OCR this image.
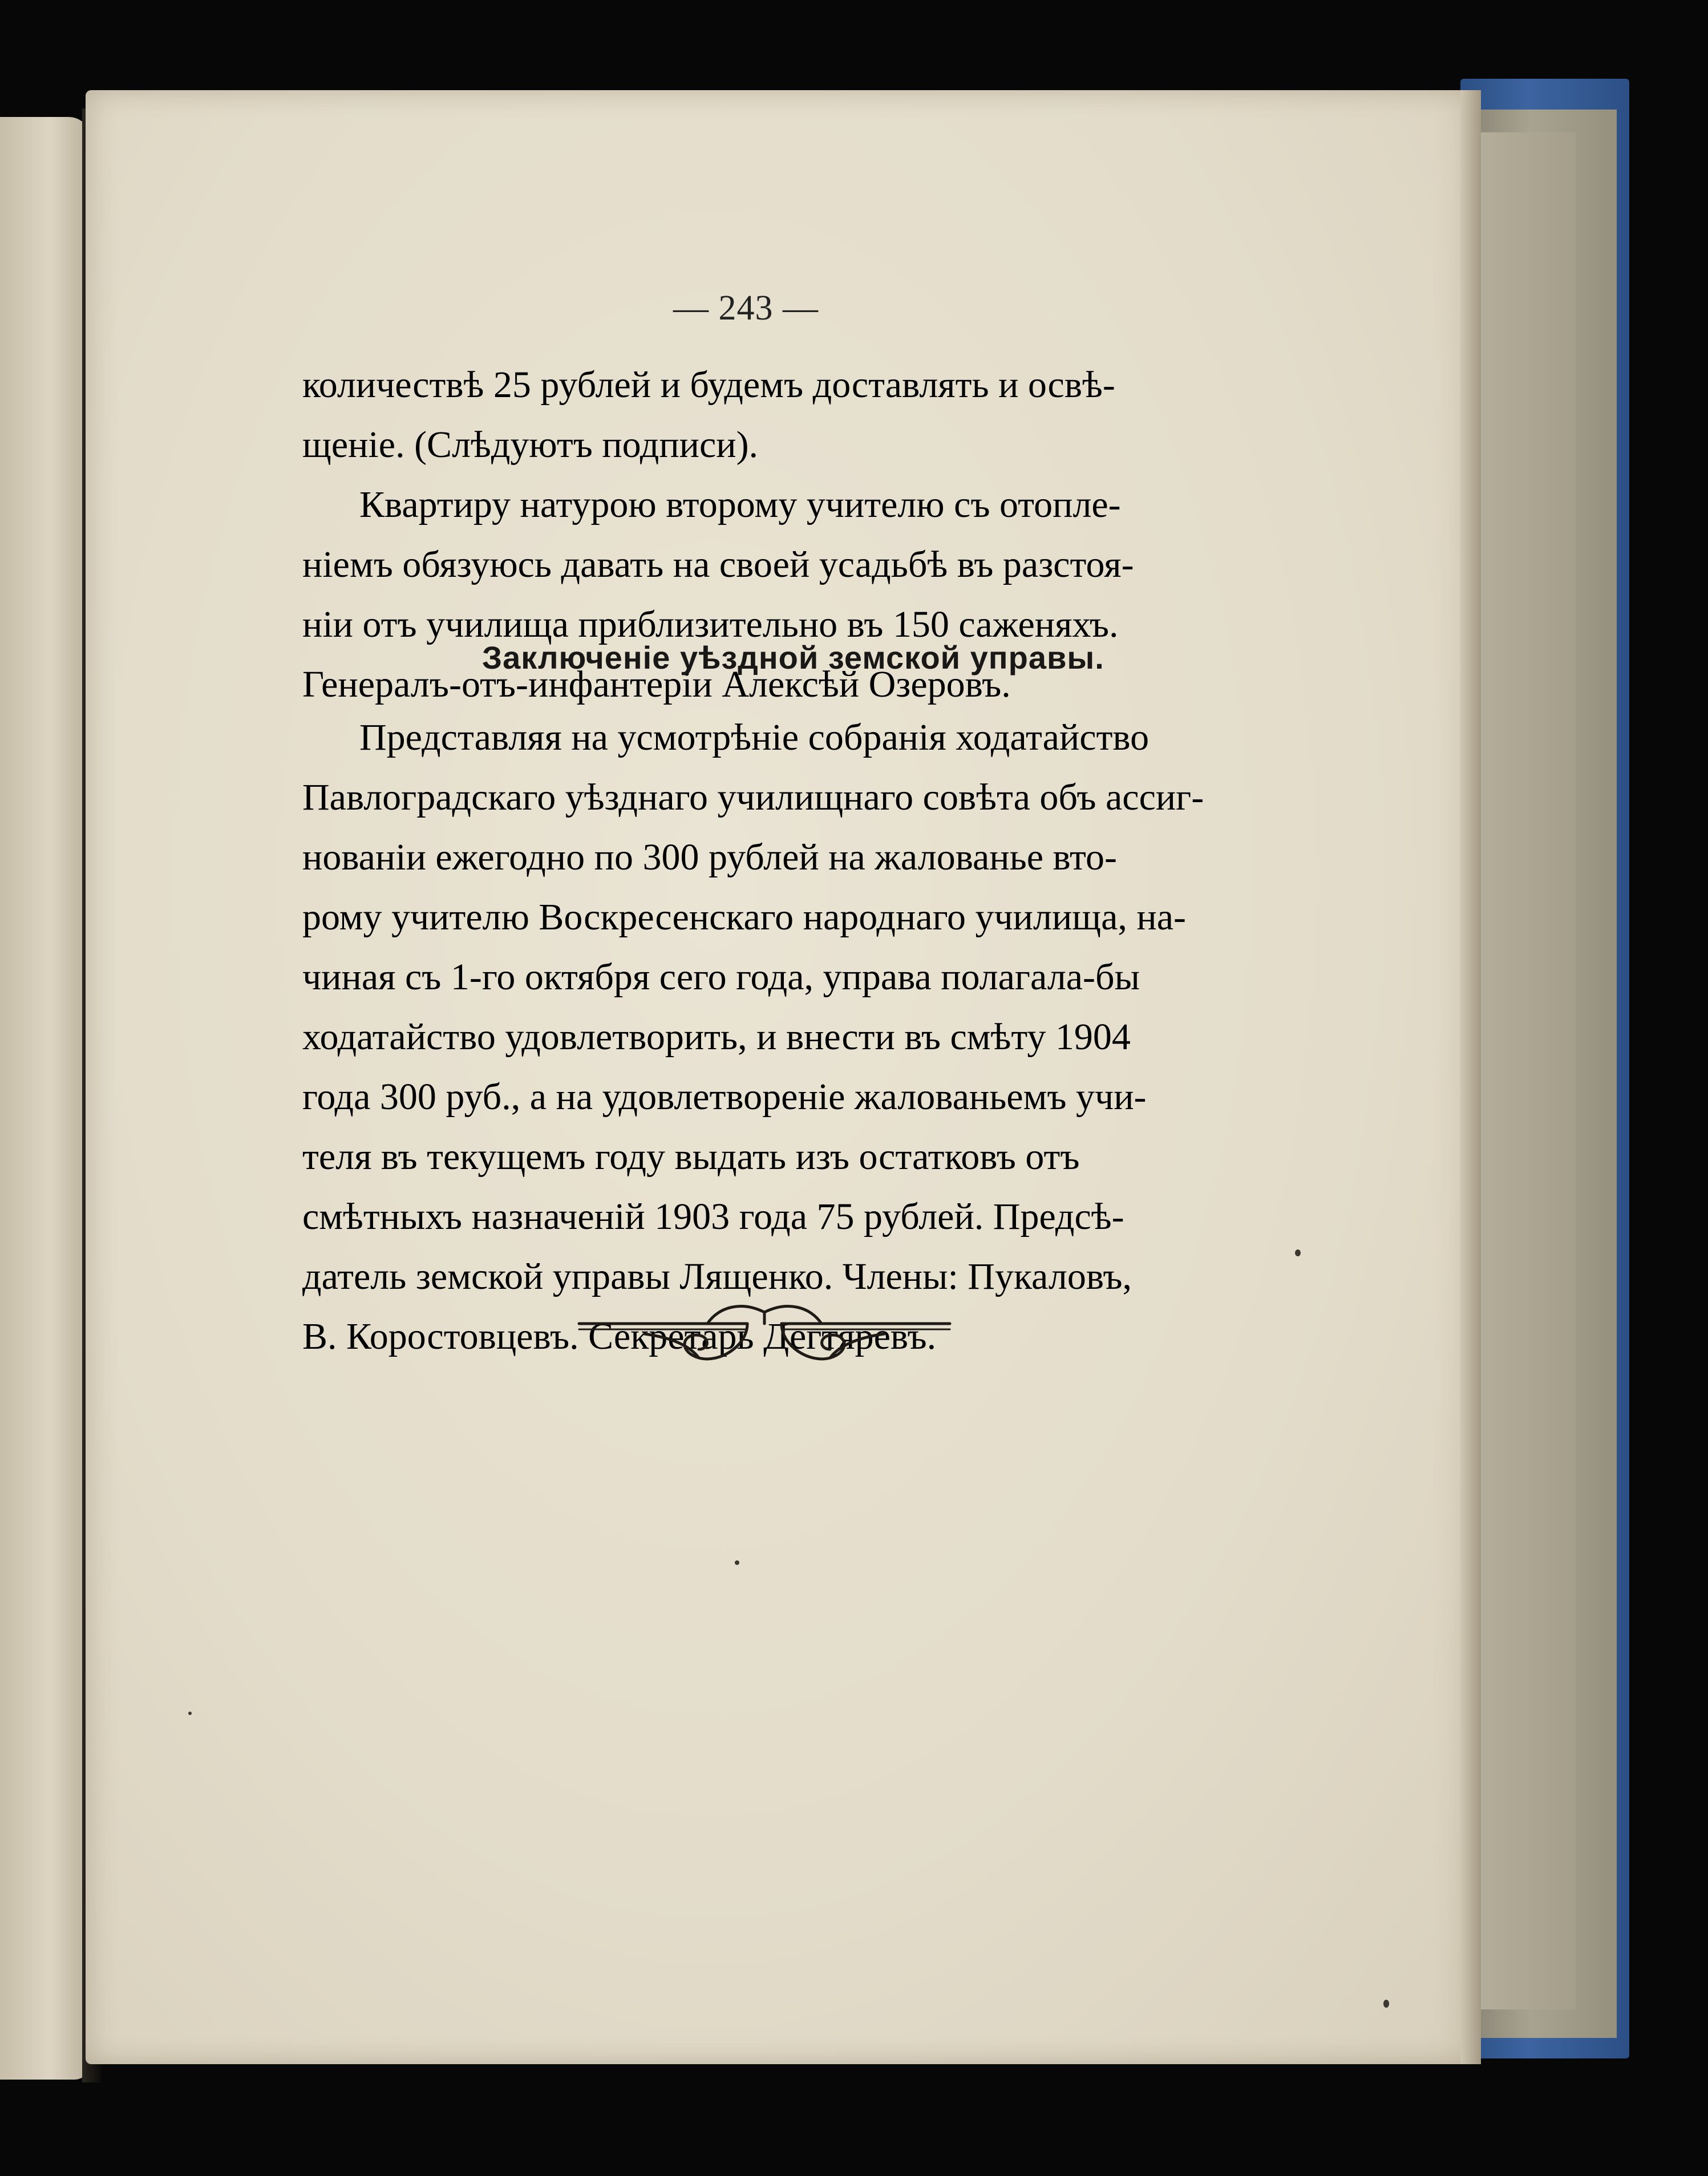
— 243 —
количествѣ 25 рублей и будемъ доставлять и освѣ-
щеніе. (Слѣдуютъ подписи).
Квартиру натурою второму учителю съ отопле-
ніемъ обязуюсь давать на своей усадьбѣ въ разстоя-
ніи отъ училища приблизительно въ 150 саженяхъ.
Генералъ-отъ-инфантеріи Алексѣй Озеровъ.
Заключеніе уѣздной земской управы.
Представляя на усмотрѣніе собранія ходатайство
Павлоградскаго уѣзднаго училищнаго совѣта объ ассиг-
нованіи ежегодно по 300 рублей на жалованье вто-
рому учителю Воскресенскаго народнаго училища, на-
чиная съ 1-го октября сего года, управа полагала-бы
ходатайство удовлетворить, и внести въ смѣту 1904
года 300 руб., а на удовлетвореніе жалованьемъ учи-
теля въ текущемъ году выдать изъ остатковъ отъ
смѣтныхъ назначеній 1903 года 75 рублей. Предсѣ-
датель земской управы Лященко. Члены: Пукаловъ,
В. Коростовцевъ. Секретарь Дегтяревъ.
